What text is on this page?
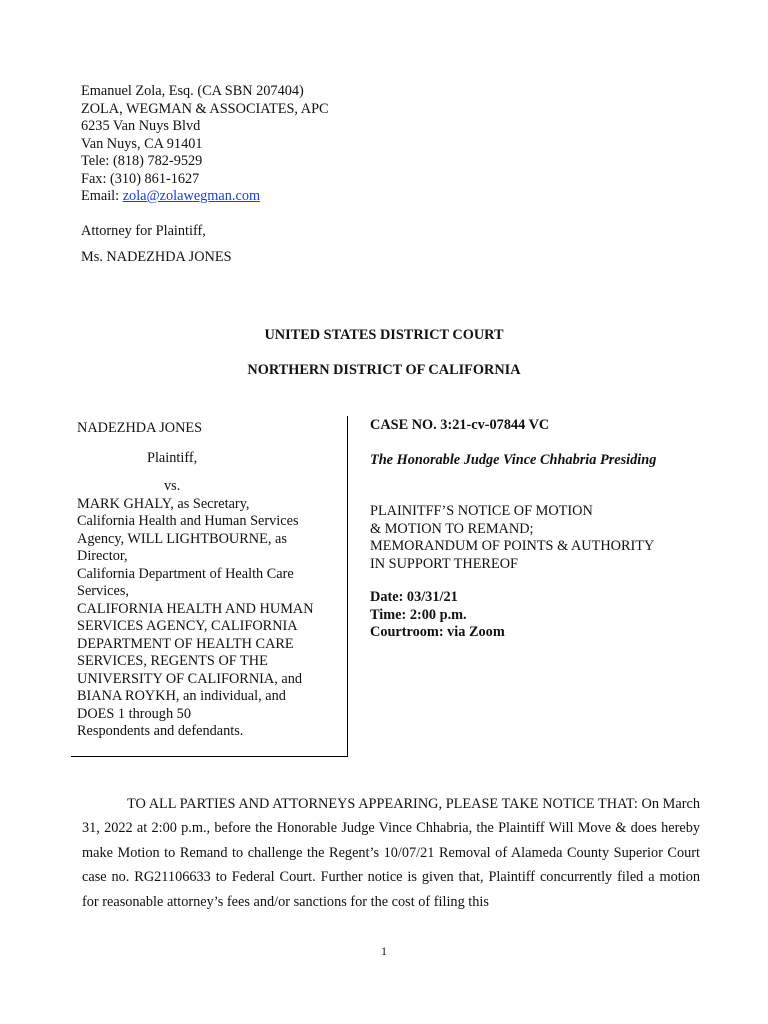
Emanuel Zola, Esq. (CA SBN 207404)
ZOLA, WEGMAN & ASSOCIATES, APC
6235 Van Nuys Blvd
Van Nuys, CA 91401
Tele: (818) 782-9529
Fax: (310) 861-1627
Email: zola@zolawegman.com
Attorney for Plaintiff,
Ms. NADEZHDA JONES
UNITED STATES DISTRICT COURT
NORTHERN DISTRICT OF CALIFORNIA
NADEZHDA JONES
Plaintiff,
vs.
MARK GHALY, as Secretary,
California Health and Human Services
Agency, WILL LIGHTBOURNE, as
Director,
California Department of Health Care
Services,
CALIFORNIA HEALTH AND HUMAN
SERVICES AGENCY, CALIFORNIA
DEPARTMENT OF HEALTH CARE
SERVICES, REGENTS OF THE
UNIVERSITY OF CALIFORNIA, and
BIANA ROYKH, an individual, and
DOES 1 through 50
Respondents and defendants.
CASE NO. 3:21-cv-07844 VC
The Honorable Judge Vince Chhabria Presiding
PLAINITFF’S NOTICE OF MOTION
& MOTION TO REMAND;
MEMORANDUM OF POINTS & AUTHORITY
IN SUPPORT THEREOF
Date: 03/31/21
Time: 2:00 p.m.
Courtroom: via Zoom

TO ALL PARTIES AND ATTORNEYS APPEARING, PLEASE TAKE NOTICE THAT: On March 31, 2022 at 2:00 p.m., before the Honorable Judge Vince Chhabria, the Plaintiff Will Move & does hereby make Motion to Remand to challenge the Regent’s 10/07/21 Removal of Alameda County Superior Court case no. RG21106633 to Federal Court. Further notice is given that, Plaintiff concurrently filed a motion for reasonable attorney’s fees and/or sanctions for the cost of filing this

1
